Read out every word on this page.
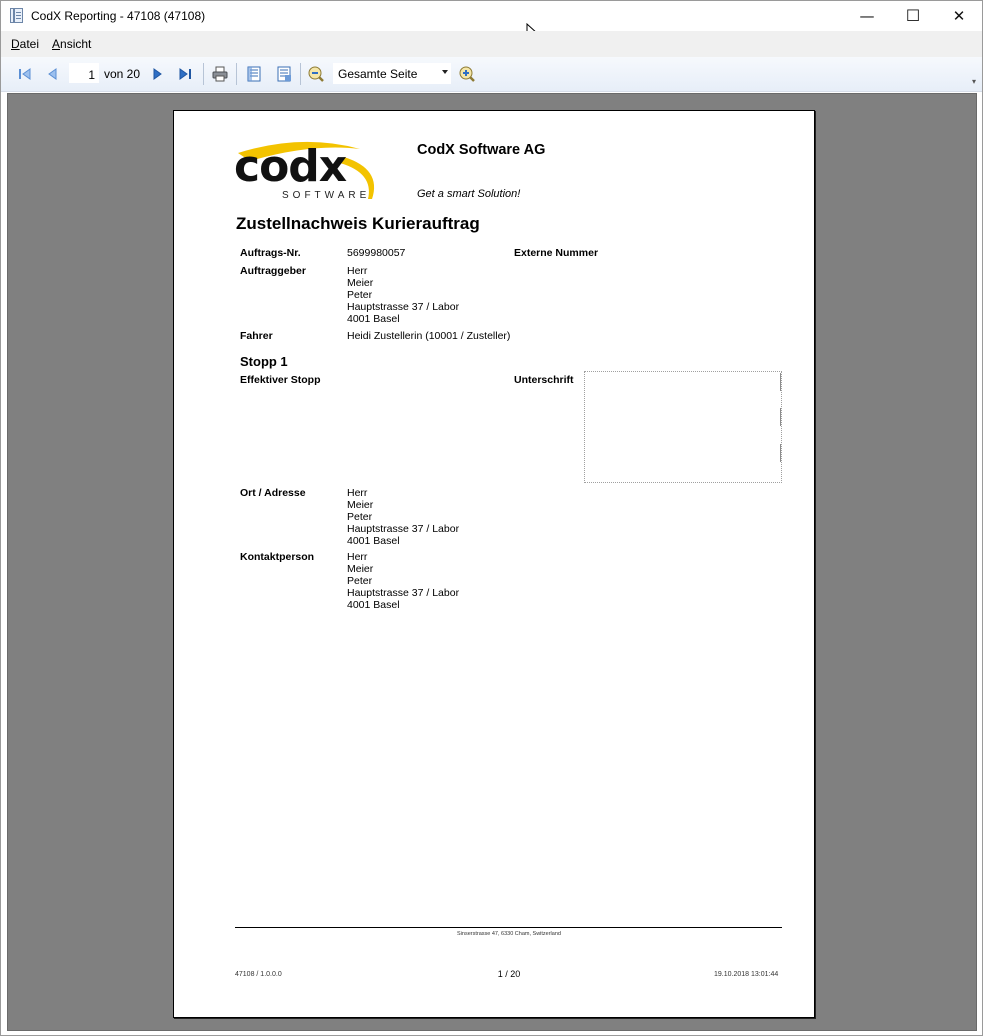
CodX Reporting - 47108 (47108)	—	☐	✕
Datei Ansicht
1
von 20	Gesamte Seite
▾
codx
SOFTWARE
CodX Software AG
Get a smart Solution!
Zustellnachweis Kurierauftrag
Auftrags-Nr.	5699980057	Externe Nummer
Auftraggeber	Herr
Meier
Peter
Hauptstrasse 37 / Labor
4001 Basel
Fahrer	Heidi Zustellerin (10001 / Zusteller)
Stopp 1
Effektiver Stopp	Unterschrift
Ort / Adresse	Herr
Meier
Peter
Hauptstrasse 37 / Labor
4001 Basel
Kontaktperson	Herr
Meier
Peter
Hauptstrasse 37 / Labor
4001 Basel
Sinserstrasse 47, 6330 Cham, Switzerland
47108 / 1.0.0.0	1 / 20	19.10.2018 13:01:44
